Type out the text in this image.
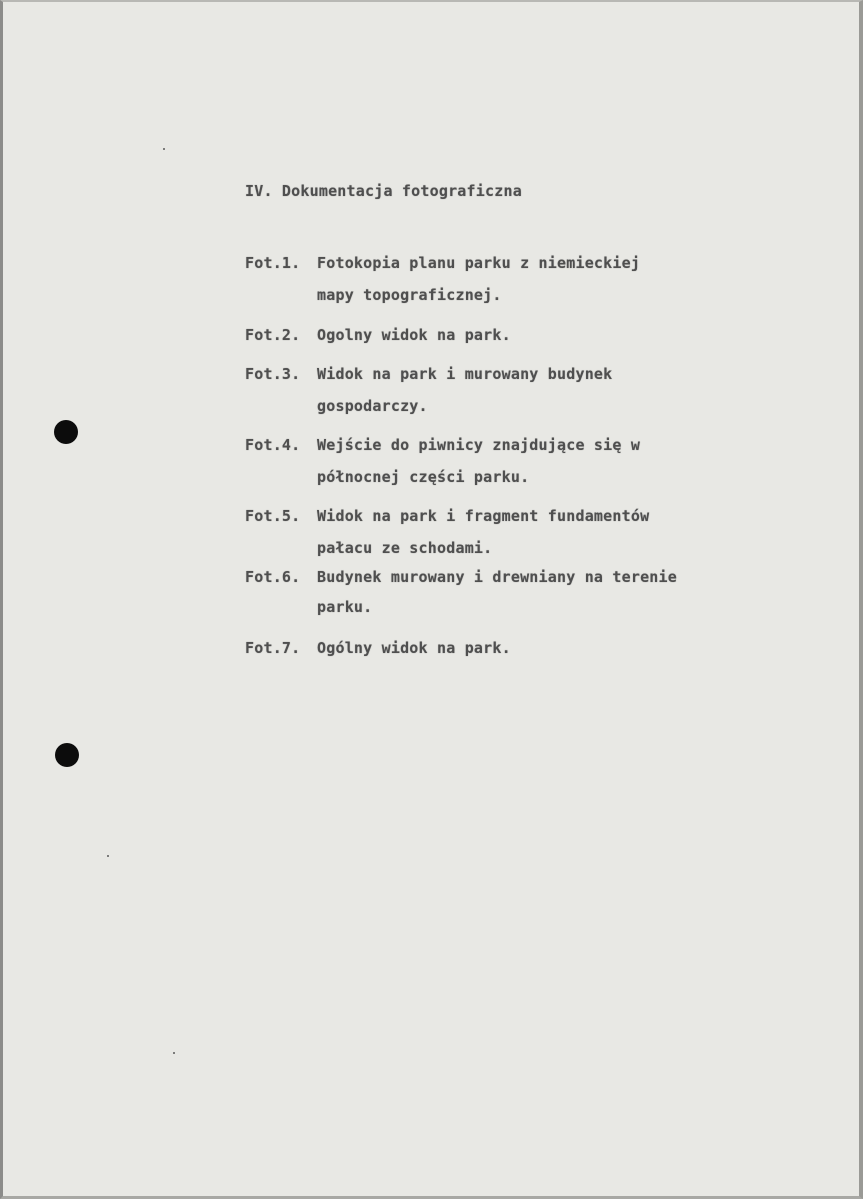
IV. Dokumentacja fotograficzna
Fot.1. Fotokopia planu parku z niemieckiej
mapy topograficznej.
Fot.2. Ogolny widok na park.
Fot.3. Widok na park i murowany budynek
gospodarczy.
Fot.4. Wejście do piwnicy znajdujące się w
północnej części parku.
Fot.5. Widok na park i fragment fundamentów
pałacu ze schodami.
Fot.6. Budynek murowany i drewniany na terenie
parku.
Fot.7. Ogólny widok na park.
